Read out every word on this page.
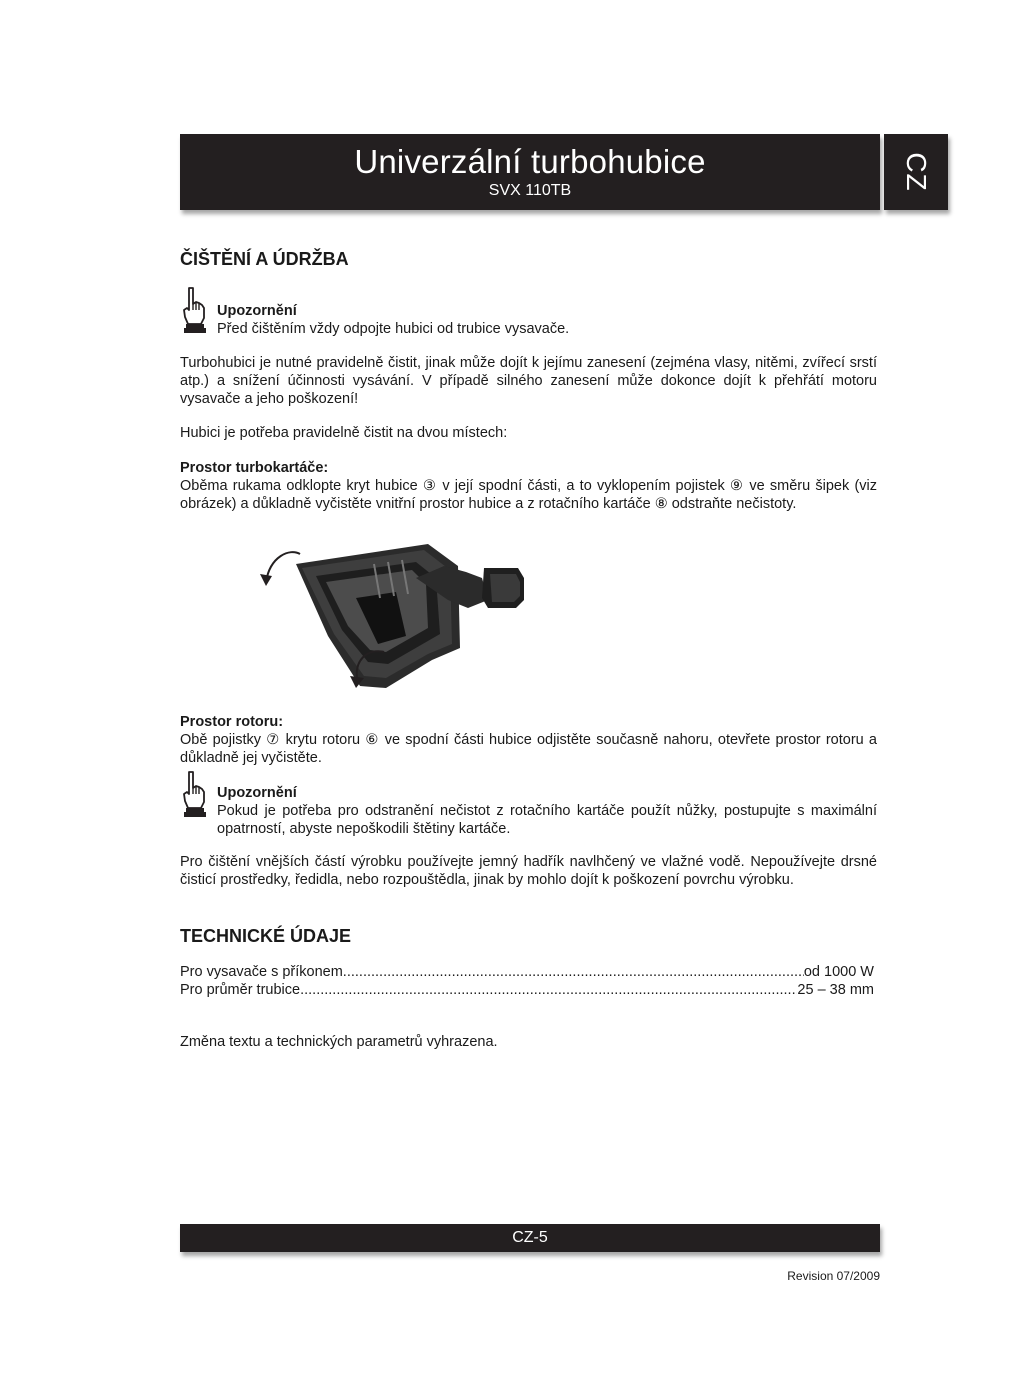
Univerzální turbohubice
SVX 110TB	CZ
ČIŠTĚNÍ A ÚDRŽBA
Upozornění
Před čištěním vždy odpojte hubici od trubice vysavače.

Turbohubici je nutné pravidelně čistit, jinak může dojít k jejímu zanesení (zejména vlasy, nitěmi, zvířecí srstí atp.) a snížení účinnosti vysávání. V případě silného zanesení může dokonce dojít k přehřátí motoru vysavače a jeho poškození!

Hubici je potřeba pravidelně čistit na dvou místech:

Prostor turbokartáče:
Oběma rukama odklopte kryt hubice ③ v její spodní části, a to vyklopením pojistek ⑨ ve směru šipek (viz obrázek) a důkladně vyčistěte vnitřní prostor hubice a z rotačního kartáče ⑧ odstraňte nečistoty.

Prostor rotoru:
Obě pojistky ⑦ krytu rotoru ⑥ ve spodní části hubice odjistěte současně nahoru, otevřete prostor rotoru a důkladně jej vyčistěte.

Upozornění
Pokud je potřeba pro odstranění nečistot z rotačního kartáče použít nůžky, postupujte s maximální opatrností, abyste nepoškodili štětiny kartáče.

Pro čištění vnějších částí výrobku používejte jemný hadřík navlhčený ve vlažné vodě. Nepoužívejte drsné čisticí prostředky, ředidla, nebo rozpouštědla, jinak by mohlo dojít k poškození povrchu výrobku.

TECHNICKÉ ÚDAJE
Pro vysavače s příkonem .....	od 1000 W
Pro průměr trubice .....	25 – 38 mm

Změna textu a technických parametrů vyhrazena.

CZ-5
Revision 07/2009
